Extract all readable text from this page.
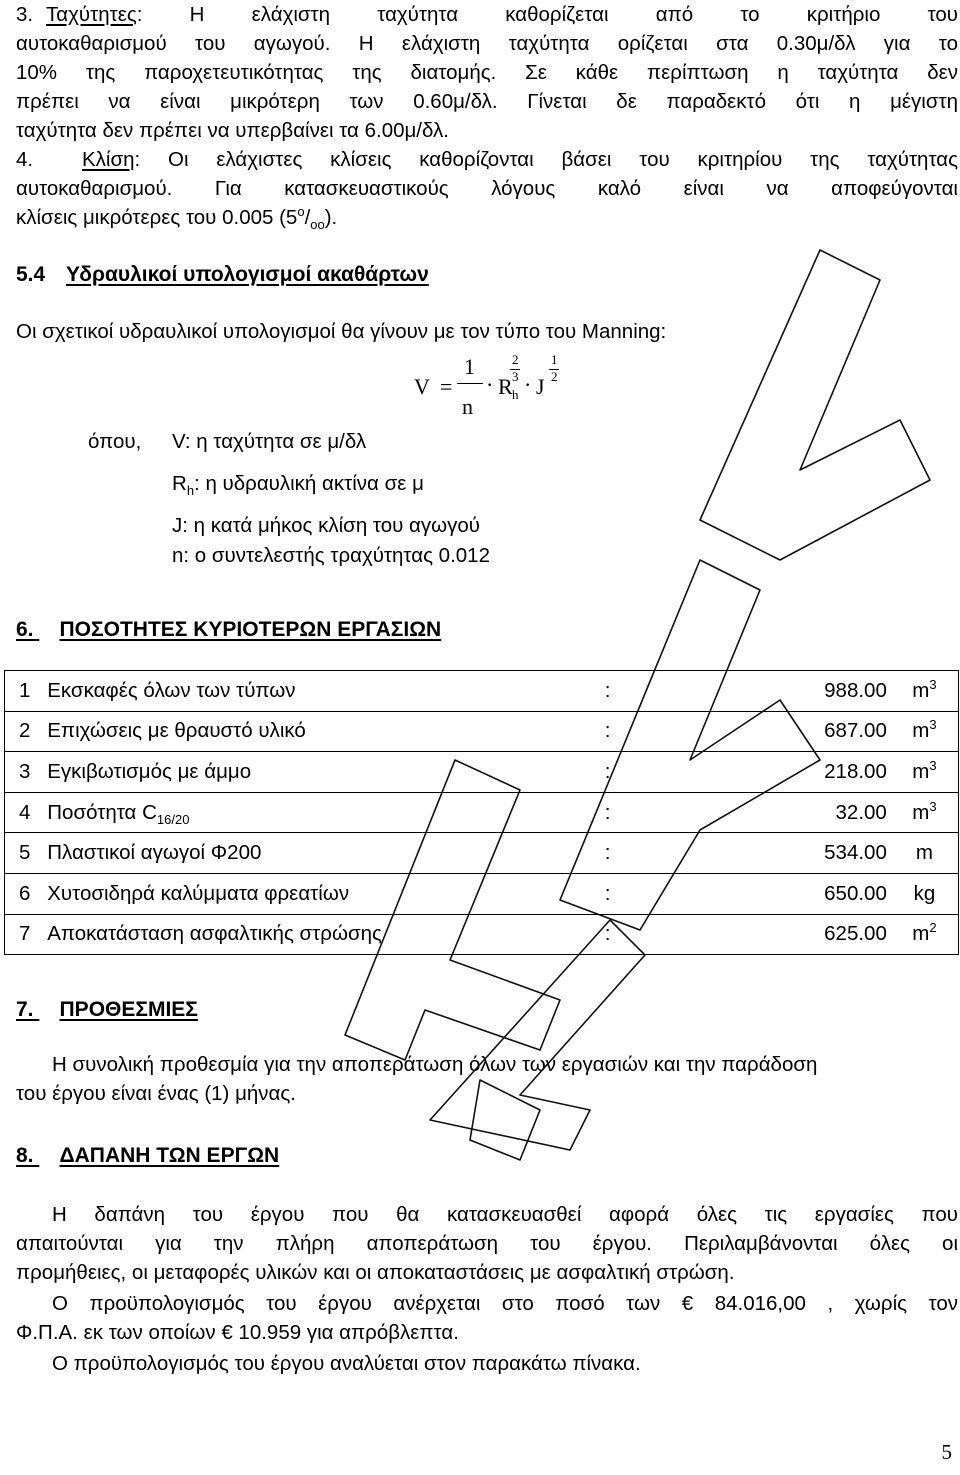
3. Ταχύτητες: Η ελάχιστη ταχύτητα καθορίζεται από το κριτήριο του
αυτοκαθαρισμού του αγωγού. Η ελάχιστη ταχύτητα ορίζεται στα 0.30μ/δλ για το
10% της παροχετευτικότητας της διατομής. Σε κάθε περίπτωση η ταχύτητα δεν
πρέπει να είναι μικρότερη των 0.60μ/δλ. Γίνεται δε παραδεκτό ότι η μέγιστη
ταχύτητα δεν πρέπει να υπερβαίνει τα 6.00μ/δλ.
4. Κλίση: Οι ελάχιστες κλίσεις καθορίζονται βάσει του κριτηρίου της ταχύτητας
αυτοκαθαρισμού. Για κατασκευαστικούς λόγους καλό είναι να αποφεύγονται
κλίσεις μικρότερες του 0.005 $(5^o/_{oo})$.
5.4 Υδραυλικοί υπολογισμοί ακαθάρτων
Οι σχετικοί υδραυλικοί υπολογισμοί θα γίνουν με τον τύπο του Manning:
V =
1
n
· R h
2
3 · J
1
2
όπου, V: η ταχύτητα σε μ/δλ
$R_h$: η υδραυλική ακτίνα σε μ
J: η κατά μήκος κλίση του αγωγού
n: ο συντελεστής τραχύτητας 0.012
6. ΠΟΣΟΤΗΤΕΣ ΚΥΡΙΟΤΕΡΩΝ ΕΡΓΑΣΙΩΝ
1	Εκσκαφές όλων των τύπων	:	988.00	$m^3$
2	Επιχώσεις με θραυστό υλικό	:	687.00	$m^3$
3	Εγκιβωτισμός με άμμο	:	218.00	$m^3$
4	Ποσότητα $C_{16/20}$	:	32.00	$m^3$
5	Πλαστικοί αγωγοί Φ200	:	534.00	m
6	Χυτοσιδηρά καλύμματα φρεατίων	:	650.00	kg
7	Αποκατάσταση ασφαλτικής στρώσης	:	625.00	$m^2$
7. ΠΡΟΘΕΣΜΙΕΣ
Η συνολική προθεσμία για την αποπεράτωση όλων των εργασιών και την παράδοση
του έργου είναι ένας (1) μήνας.
8. ΔΑΠΑΝΗ ΤΩΝ ΕΡΓΩΝ
Η δαπάνη του έργου που θα κατασκευασθεί αφορά όλες τις εργασίες που
απαιτούνται για την πλήρη αποπεράτωση του έργου. Περιλαμβάνονται όλες οι
προμήθειες, οι μεταφορές υλικών και οι αποκαταστάσεις με ασφαλτική στρώση.
Ο προϋπολογισμός του έργου ανέρχεται στο ποσό των € 84.016,00 , χωρίς τον
Φ.Π.Α. εκ των οποίων € 10.959 για απρόβλεπτα.
Ο προϋπολογισμός του έργου αναλύεται στον παρακάτω πίνακα.
5
